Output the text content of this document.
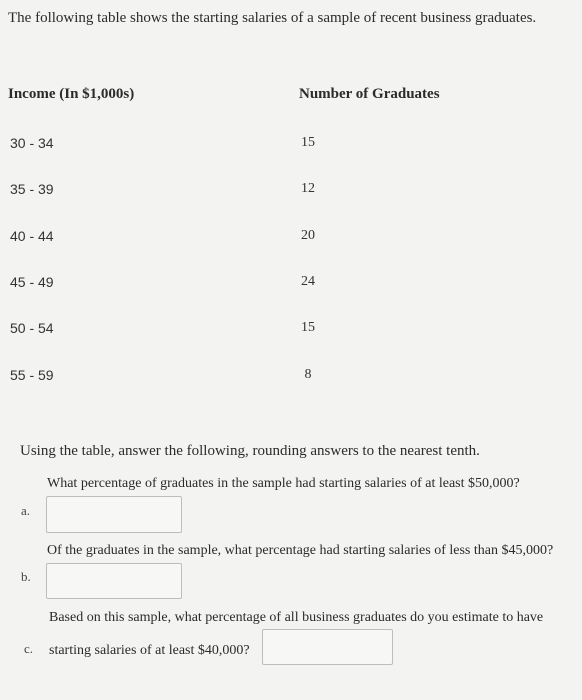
The following table shows the starting salaries of a sample of recent business graduates.
Income (In $1,000s)	Number of Graduates
30 - 34	15
35 - 39	12
40 - 44	20
45 - 49	24
50 - 54	15
55 - 59	8
Using the table, answer the following, rounding answers to the nearest tenth.
What percentage of graduates in the sample had starting salaries of at least $50,000?
a.
Of the graduates in the sample, what percentage had starting salaries of less than $45,000?
b.
Based on this sample, what percentage of all business graduates do you estimate to have
c. starting salaries of at least $40,000?
